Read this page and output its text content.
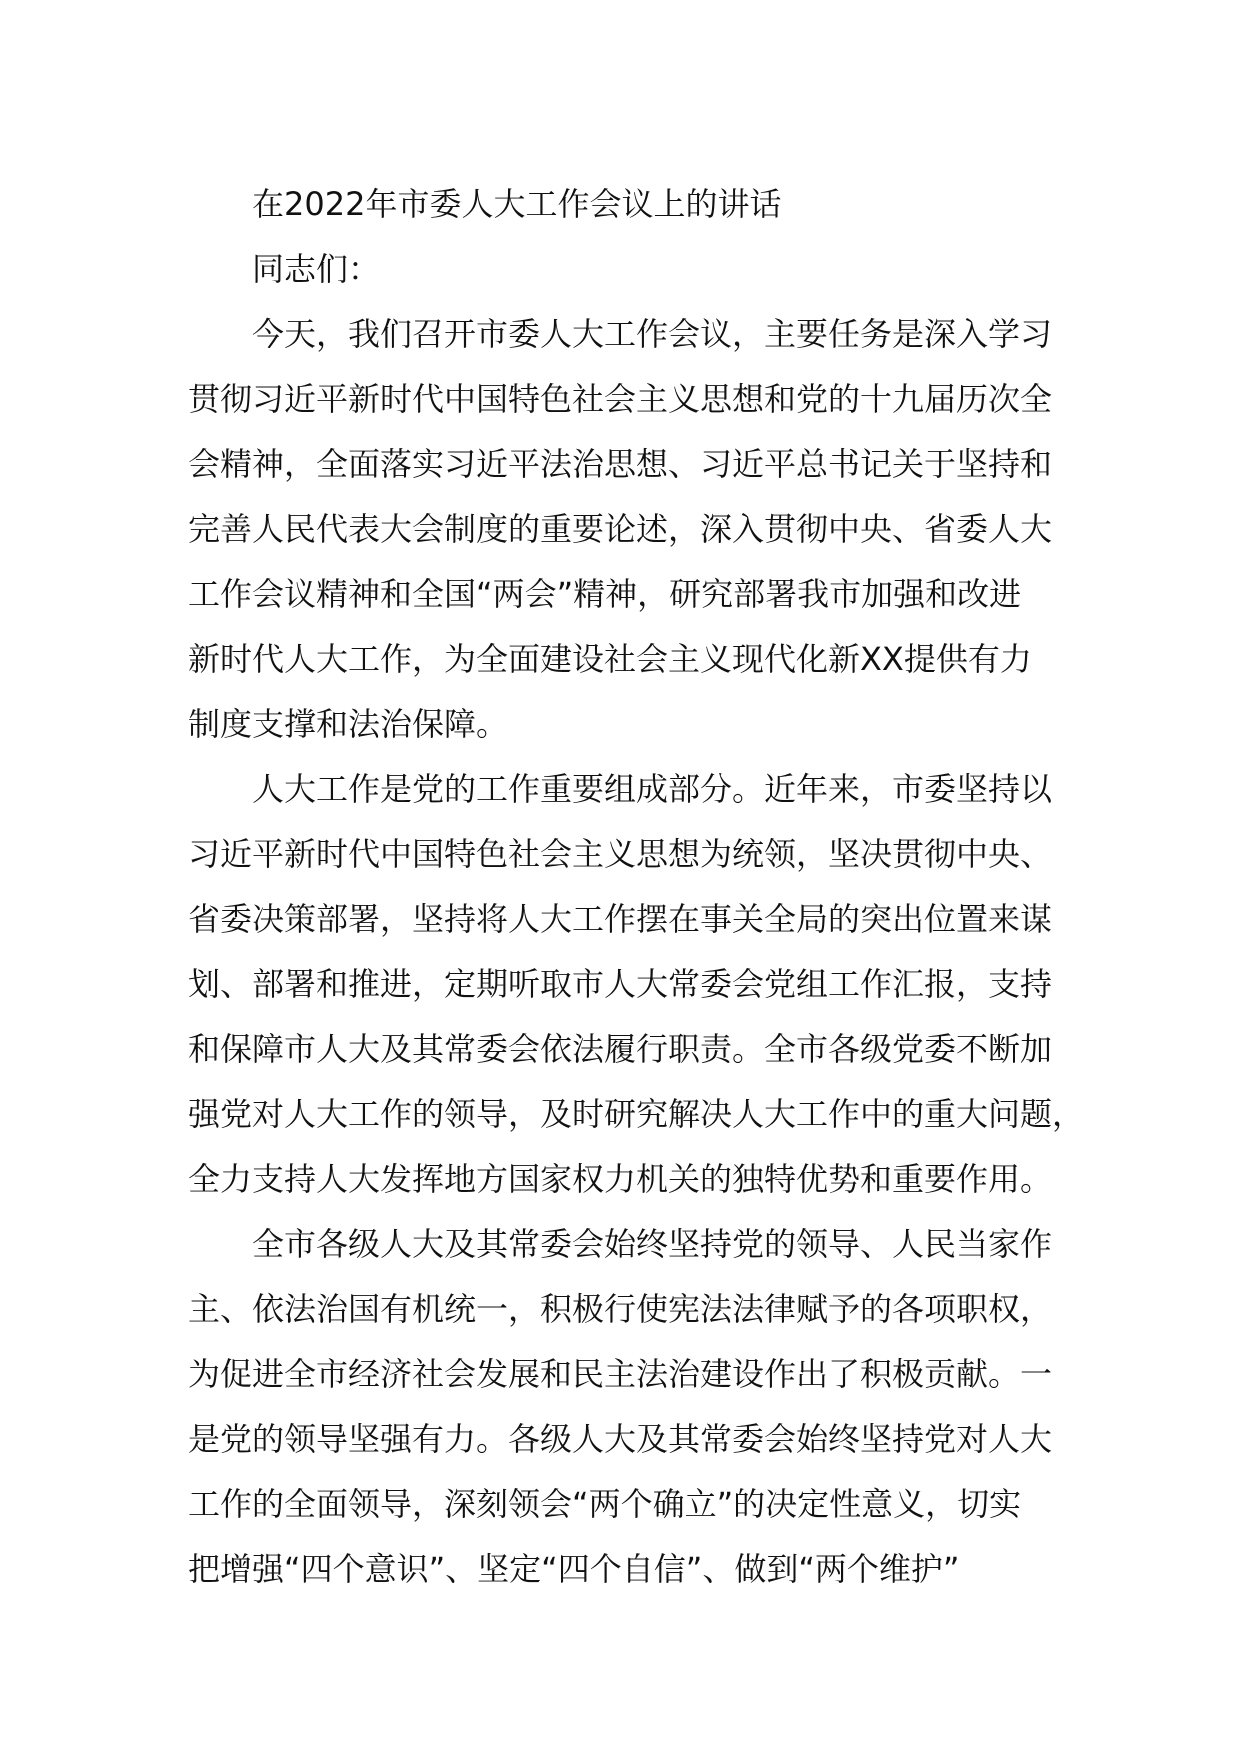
在2022年市委人大工作会议上的讲话
同志们：
今天，我们召开市委人大工作会议，主要任务是深入学习
贯彻习近平新时代中国特色社会主义思想和党的十九届历次全
会精神，全面落实习近平法治思想、习近平总书记关于坚持和
完善人民代表大会制度的重要论述，深入贯彻中央、省委人大
工作会议精神和全国“两会”精神，研究部署我市加强和改进
新时代人大工作，为全面建设社会主义现代化新XX提供有力
制度支撑和法治保障。
人大工作是党的工作重要组成部分。近年来，市委坚持以
习近平新时代中国特色社会主义思想为统领，坚决贯彻中央、
省委决策部署，坚持将人大工作摆在事关全局的突出位置来谋
划、部署和推进，定期听取市人大常委会党组工作汇报，支持
和保障市人大及其常委会依法履行职责。全市各级党委不断加
强党对人大工作的领导，及时研究解决人大工作中的重大问题，
全力支持人大发挥地方国家权力机关的独特优势和重要作用。
全市各级人大及其常委会始终坚持党的领导、人民当家作
主、依法治国有机统一，积极行使宪法法律赋予的各项职权，
为促进全市经济社会发展和民主法治建设作出了积极贡献。一
是党的领导坚强有力。各级人大及其常委会始终坚持党对人大
工作的全面领导，深刻领会“两个确立”的决定性意义，切实
把增强“四个意识”、坚定“四个自信”、做到“两个维护”
